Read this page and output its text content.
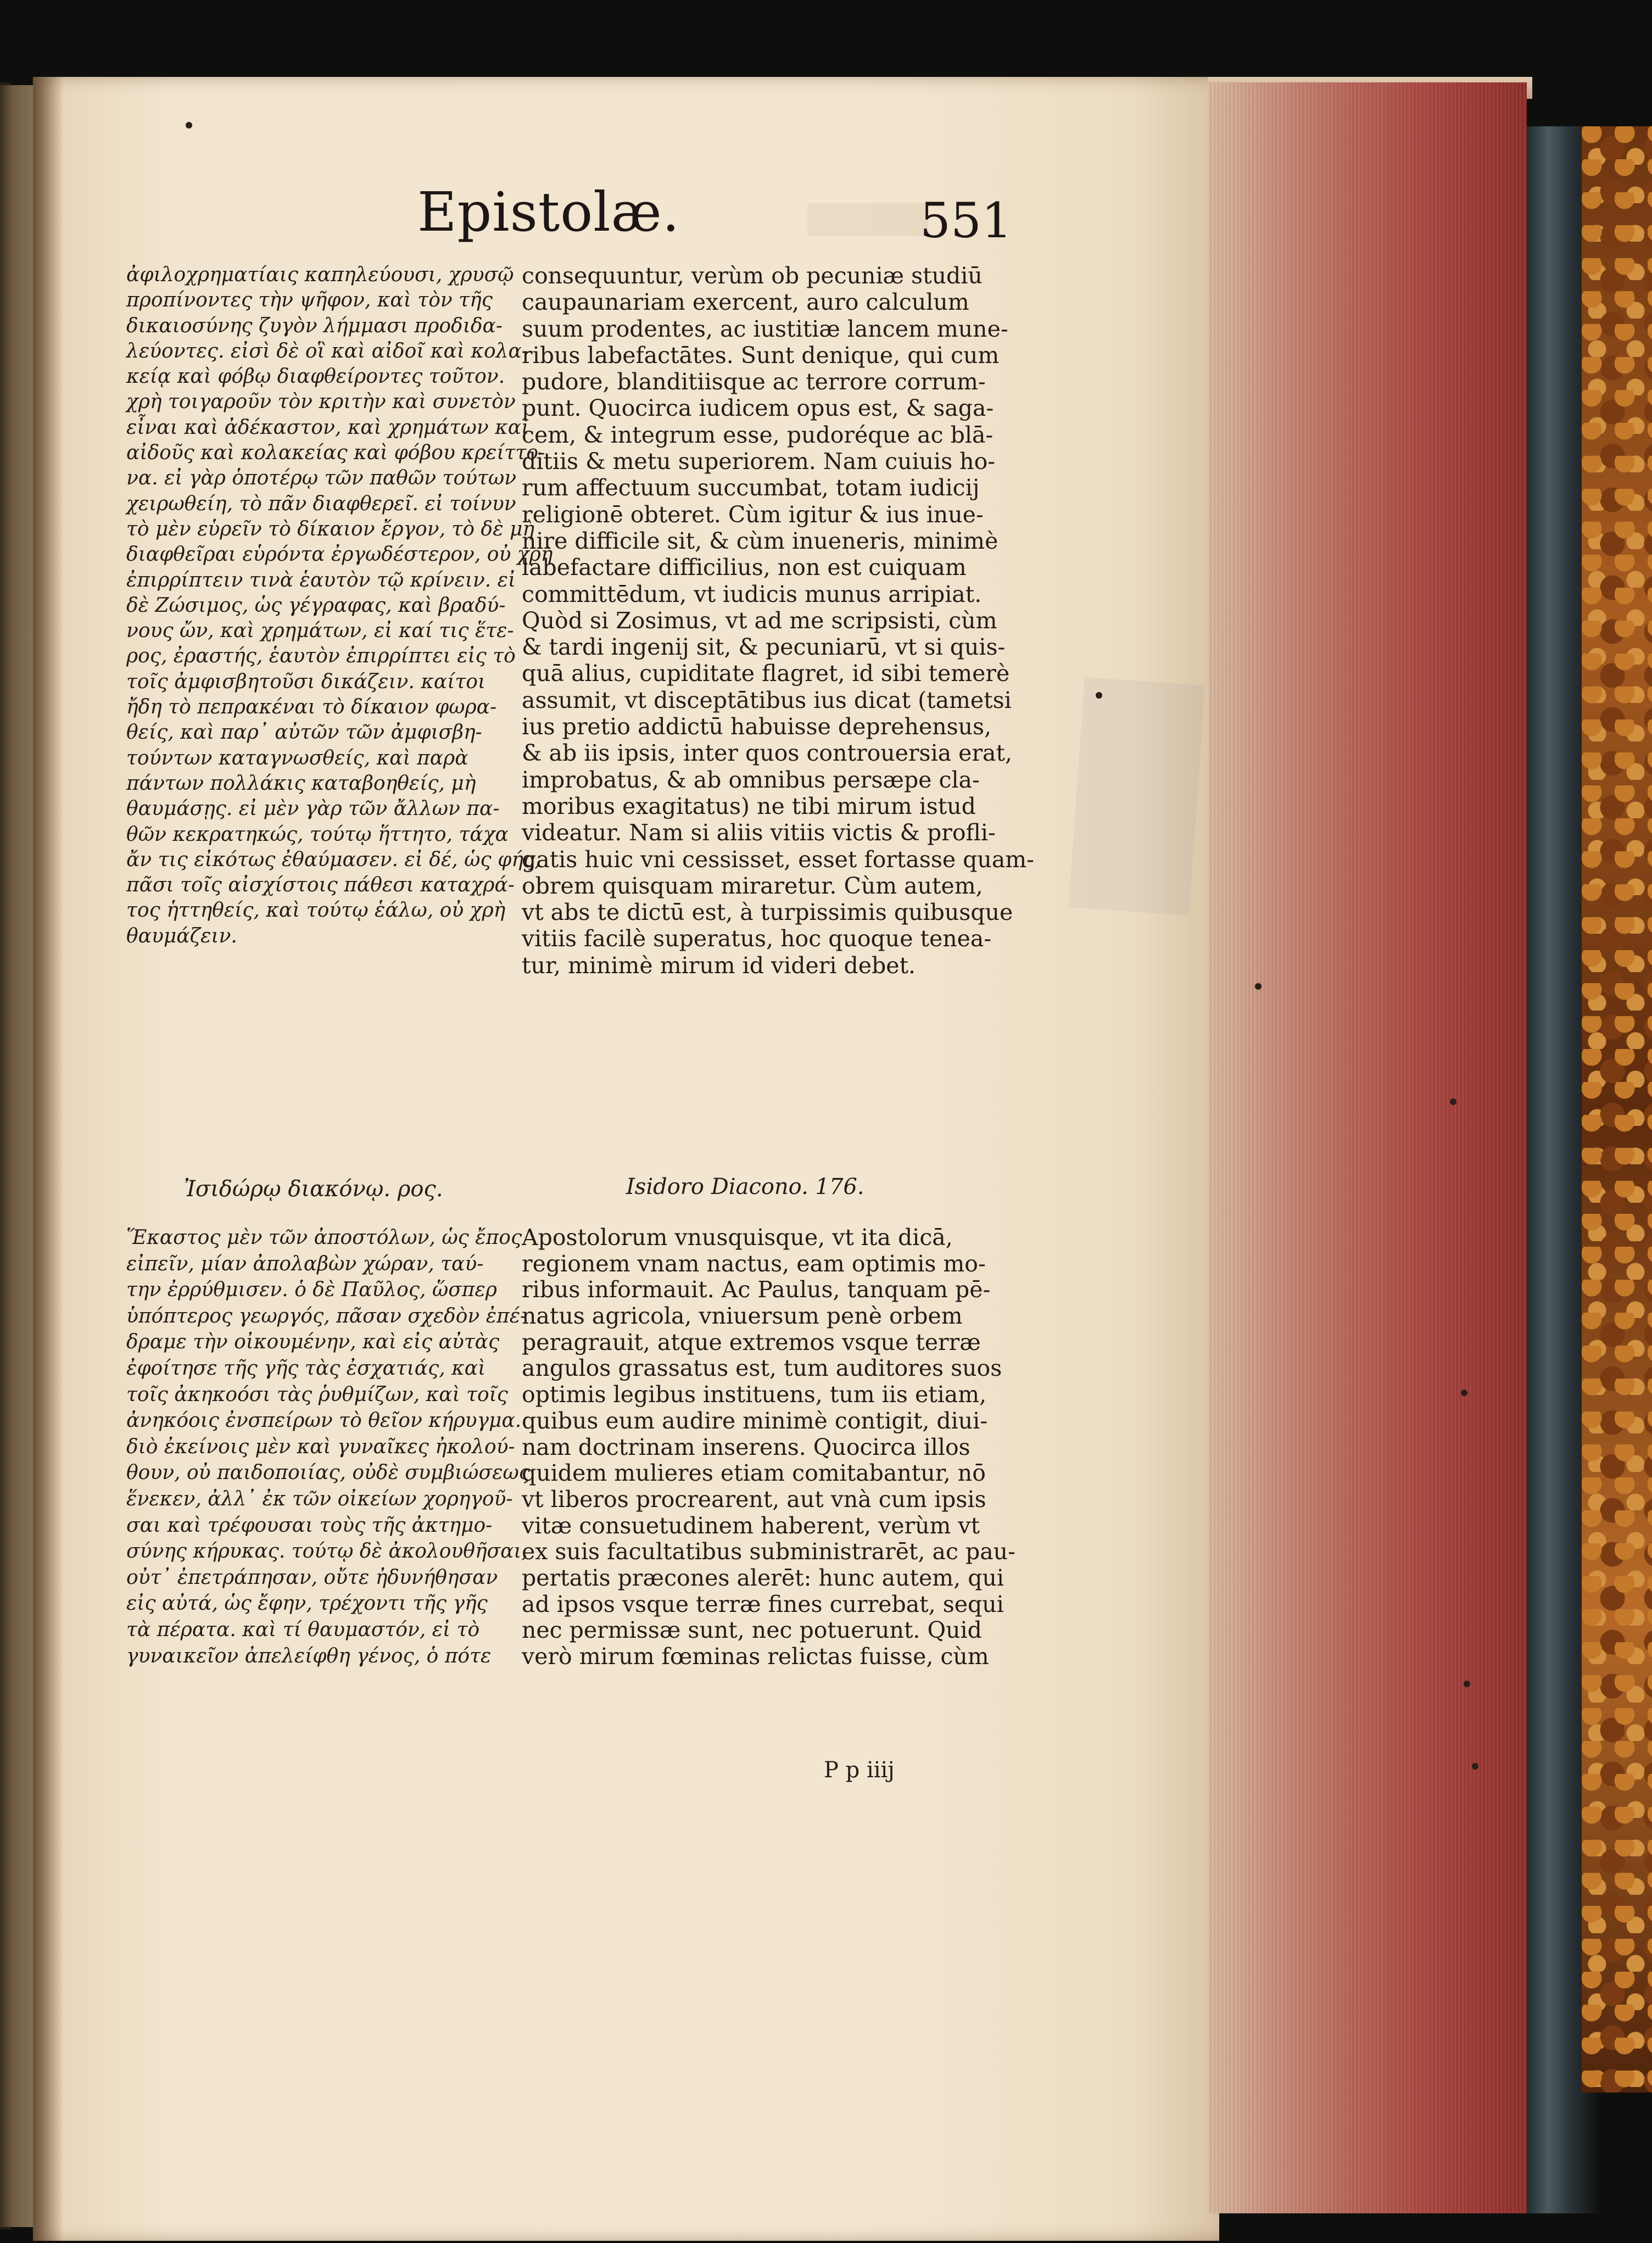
Epistolæ.	551
ἀφιλοχρηματίαις καπηλεύουσι, χρυσῷ
προπίνοντες τὴν ψῆφον, καὶ τὸν τῆς
δικαιοσύνης ζυγὸν λήμμασι προδιδα-
λεύοντες. εἰσὶ δὲ οἳ καὶ αἰδοῖ καὶ κολα-
κείᾳ καὶ φόβῳ διαφθείροντες τοῦτον.
χρὴ τοιγαροῦν τὸν κριτὴν καὶ συνετὸν
εἶναι καὶ ἀδέκαστον, καὶ χρημάτων καὶ
αἰδοῦς καὶ κολακείας καὶ φόβου κρείττο-
να. εἰ γὰρ ὁποτέρῳ τῶν παθῶν τούτων
χειρωθείη, τὸ πᾶν διαφθερεῖ. εἰ τοίνυν
τὸ μὲν εὑρεῖν τὸ δίκαιον ἔργον, τὸ δὲ μὴ
διαφθεῖραι εὑρόντα ἐργωδέστερον, οὐ χρὴ
ἐπιρρίπτειν τινὰ ἑαυτὸν τῷ κρίνειν. εἰ
δὲ Ζώσιμος, ὡς γέγραφας, καὶ βραδύ-
νους ὤν, καὶ χρημάτων, εἰ καί τις ἕτε-
ρος, ἐραστής, ἑαυτὸν ἐπιρρίπτει εἰς τὸ
τοῖς ἀμφισβητοῦσι δικάζειν. καίτοι
ἤδη τὸ πεπρακέναι τὸ δίκαιον φωρα-
θείς, καὶ παρ᾽ αὐτῶν τῶν ἀμφισβη-
τούντων καταγνωσθείς, καὶ παρὰ
πάντων πολλάκις καταβοηθείς, μὴ
θαυμάσῃς. εἰ μὲν γὰρ τῶν ἄλλων πα-
θῶν κεκρατηκώς, τούτῳ ἥττητο, τάχα
ἄν τις εἰκότως ἐθαύμασεν. εἰ δέ, ὡς φής,
πᾶσι τοῖς αἰσχίστοις πάθεσι καταχρά-
τος ἡττηθείς, καὶ τούτῳ ἑάλω, οὐ χρὴ
θαυμάζειν.
consequuntur, verùm ob pecuniæ studiū
caupaunariam exercent, auro calculum
suum prodentes, ac iustitiæ lancem mune-
ribus labefactātes. Sunt denique, qui cum
pudore, blanditiisque ac terrore corrum-
punt. Quocirca iudicem opus est, & saga-
cem, & integrum esse, pudoréque ac blā-
ditiis & metu superiorem. Nam cuiuis ho-
rum affectuum succumbat, totam iudicij
religionē obteret. Cùm igitur & ius inue-
nire difficile sit, & cùm inueneris, minimè
labefactare difficilius, non est cuiquam
committēdum, vt iudicis munus arripiat.
Quòd si Zosimus, vt ad me scripsisti, cùm
& tardi ingenij sit, & pecuniarū, vt si quis-
quā alius, cupiditate flagret, id sibi temerè
assumit, vt disceptātibus ius dicat (tametsi
ius pretio addictū habuisse deprehensus,
& ab iis ipsis, inter quos controuersia erat,
improbatus, & ab omnibus persæpe cla-
moribus exagitatus) ne tibi mirum istud
videatur. Nam si aliis vitiis victis & profli-
gatis huic vni cessisset, esset fortasse quam-
obrem quisquam miraretur. Cùm autem,
vt abs te dictū est, à turpissimis quibusque
vitiis facilè superatus, hoc quoque tenea-
tur, minimè mirum id videri debet.
Ἰσιδώρῳ διακόνῳ. ρος.	Isidoro Diacono. 176.
Ἕκαστος μὲν τῶν ἀποστόλων, ὡς ἔπος
εἰπεῖν, μίαν ἀπολαβὼν χώραν, ταύ-
την ἐρρύθμισεν. ὁ δὲ Παῦλος, ὥσπερ
ὑπόπτερος γεωργός, πᾶσαν σχεδὸν ἐπέ-
δραμε τὴν οἰκουμένην, καὶ εἰς αὐτὰς
ἐφοίτησε τῆς γῆς τὰς ἐσχατιάς, καὶ
τοῖς ἀκηκοόσι τὰς ῥυθμίζων, καὶ τοῖς
ἀνηκόοις ἐνσπείρων τὸ θεῖον κήρυγμα.
διὸ ἐκείνοις μὲν καὶ γυναῖκες ἠκολού-
θουν, οὐ παιδοποιίας, οὐδὲ συμβιώσεως
ἕνεκεν, ἀλλ᾽ ἐκ τῶν οἰκείων χορηγοῦ-
σαι καὶ τρέφουσαι τοὺς τῆς ἀκτημο-
σύνης κήρυκας. τούτῳ δὲ ἀκολουθῆσαι,
οὐτ᾽ ἐπετράπησαν, οὔτε ἠδυνήθησαν
εἰς αὐτά, ὡς ἔφην, τρέχοντι τῆς γῆς
τὰ πέρατα. καὶ τί θαυμαστόν, εἰ τὸ
γυναικεῖον ἀπελείφθη γένος, ὁ πότε
Apostolorum vnusquisque, vt ita dicā,
regionem vnam nactus, eam optimis mo-
ribus informauit. Ac Paulus, tanquam pē-
natus agricola, vniuersum penè orbem
peragrauit, atque extremos vsque terræ
angulos grassatus est, tum auditores suos
optimis legibus instituens, tum iis etiam,
quibus eum audire minimè contigit, diui-
nam doctrinam inserens. Quocirca illos
quidem mulieres etiam comitabantur, nō
vt liberos procrearent, aut vnà cum ipsis
vitæ consuetudinem haberent, verùm vt
ex suis facultatibus subministrarēt, ac pau-
pertatis præcones alerēt: hunc autem, qui
ad ipsos vsque terræ fines currebat, sequi
nec permissæ sunt, nec potuerunt. Quid
verò mirum fœminas relictas fuisse, cùm
P p iiij
